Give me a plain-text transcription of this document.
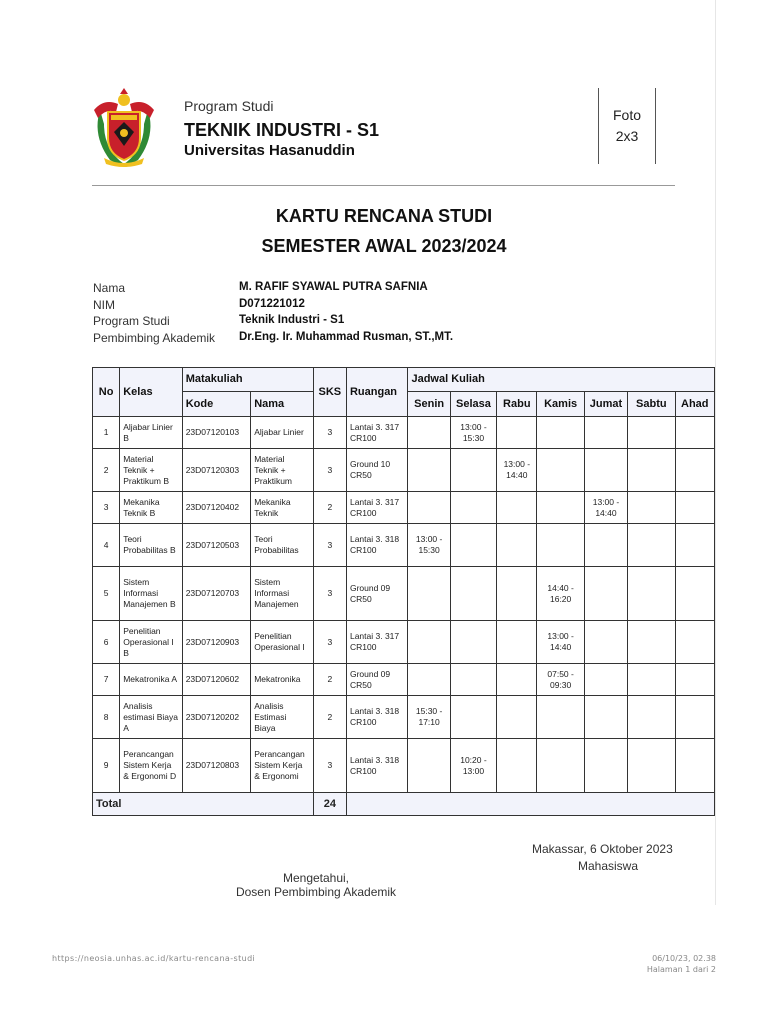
Program Studi
TEKNIK INDUSTRI - S1
Universitas Hasanuddin
Foto
2x3
KARTU RENCANA STUDI
SEMESTER AWAL 2023/2024
Nama	M. RAFIF SYAWAL PUTRA SAFNIA
NIM	D071221012
Program Studi	Teknik Industri - S1
Pembimbing Akademik	Dr.Eng. Ir. Muhammad Rusman, ST.,MT.
No	Kelas	Matakuliah		SKS	Ruangan	Jadwal Kuliah						
		Kode	Nama			Senin	Selasa	Rabu	Kamis	Jumat	Sabtu	Ahad
1	Aljabar Linier B	23D07120103	Aljabar Linier	3	Lantai 3. 317 CR100		13:00 - 15:30					
2	Material Teknik + Praktikum B	23D07120303	Material Teknik + Praktikum	3	Ground 10 CR50			13:00 - 14:40				
3	Mekanika Teknik B	23D07120402	Mekanika Teknik	2	Lantai 3. 317 CR100					13:00 - 14:40		
4	Teori Probabilitas B	23D07120503	Teori Probabilitas	3	Lantai 3. 318 CR100	13:00 - 15:30						
5	Sistem Informasi Manajemen B	23D07120703	Sistem Informasi Manajemen	3	Ground 09 CR50				14:40 - 16:20			
6	Penelitian Operasional I B	23D07120903	Penelitian Operasional I	3	Lantai 3. 317 CR100				13:00 - 14:40			
7	Mekatronika A	23D07120602	Mekatronika	2	Ground 09 CR50				07:50 - 09:30			
8	Analisis estimasi Biaya A	23D07120202	Analisis Estimasi Biaya	2	Lantai 3. 318 CR100	15:30 - 17:10						
9	Perancangan Sistem Kerja & Ergonomi D	23D07120803	Perancangan Sistem Kerja & Ergonomi	3	Lantai 3. 318 CR100		10:20 - 13:00					
Total				24								
Makassar, 6 Oktober 2023
Mahasiswa
Mengetahui,
Dosen Pembimbing Akademik
https://neosia.unhas.ac.id/kartu-rencana-studi	06/10/23, 02.38
Halaman 1 dari 2
